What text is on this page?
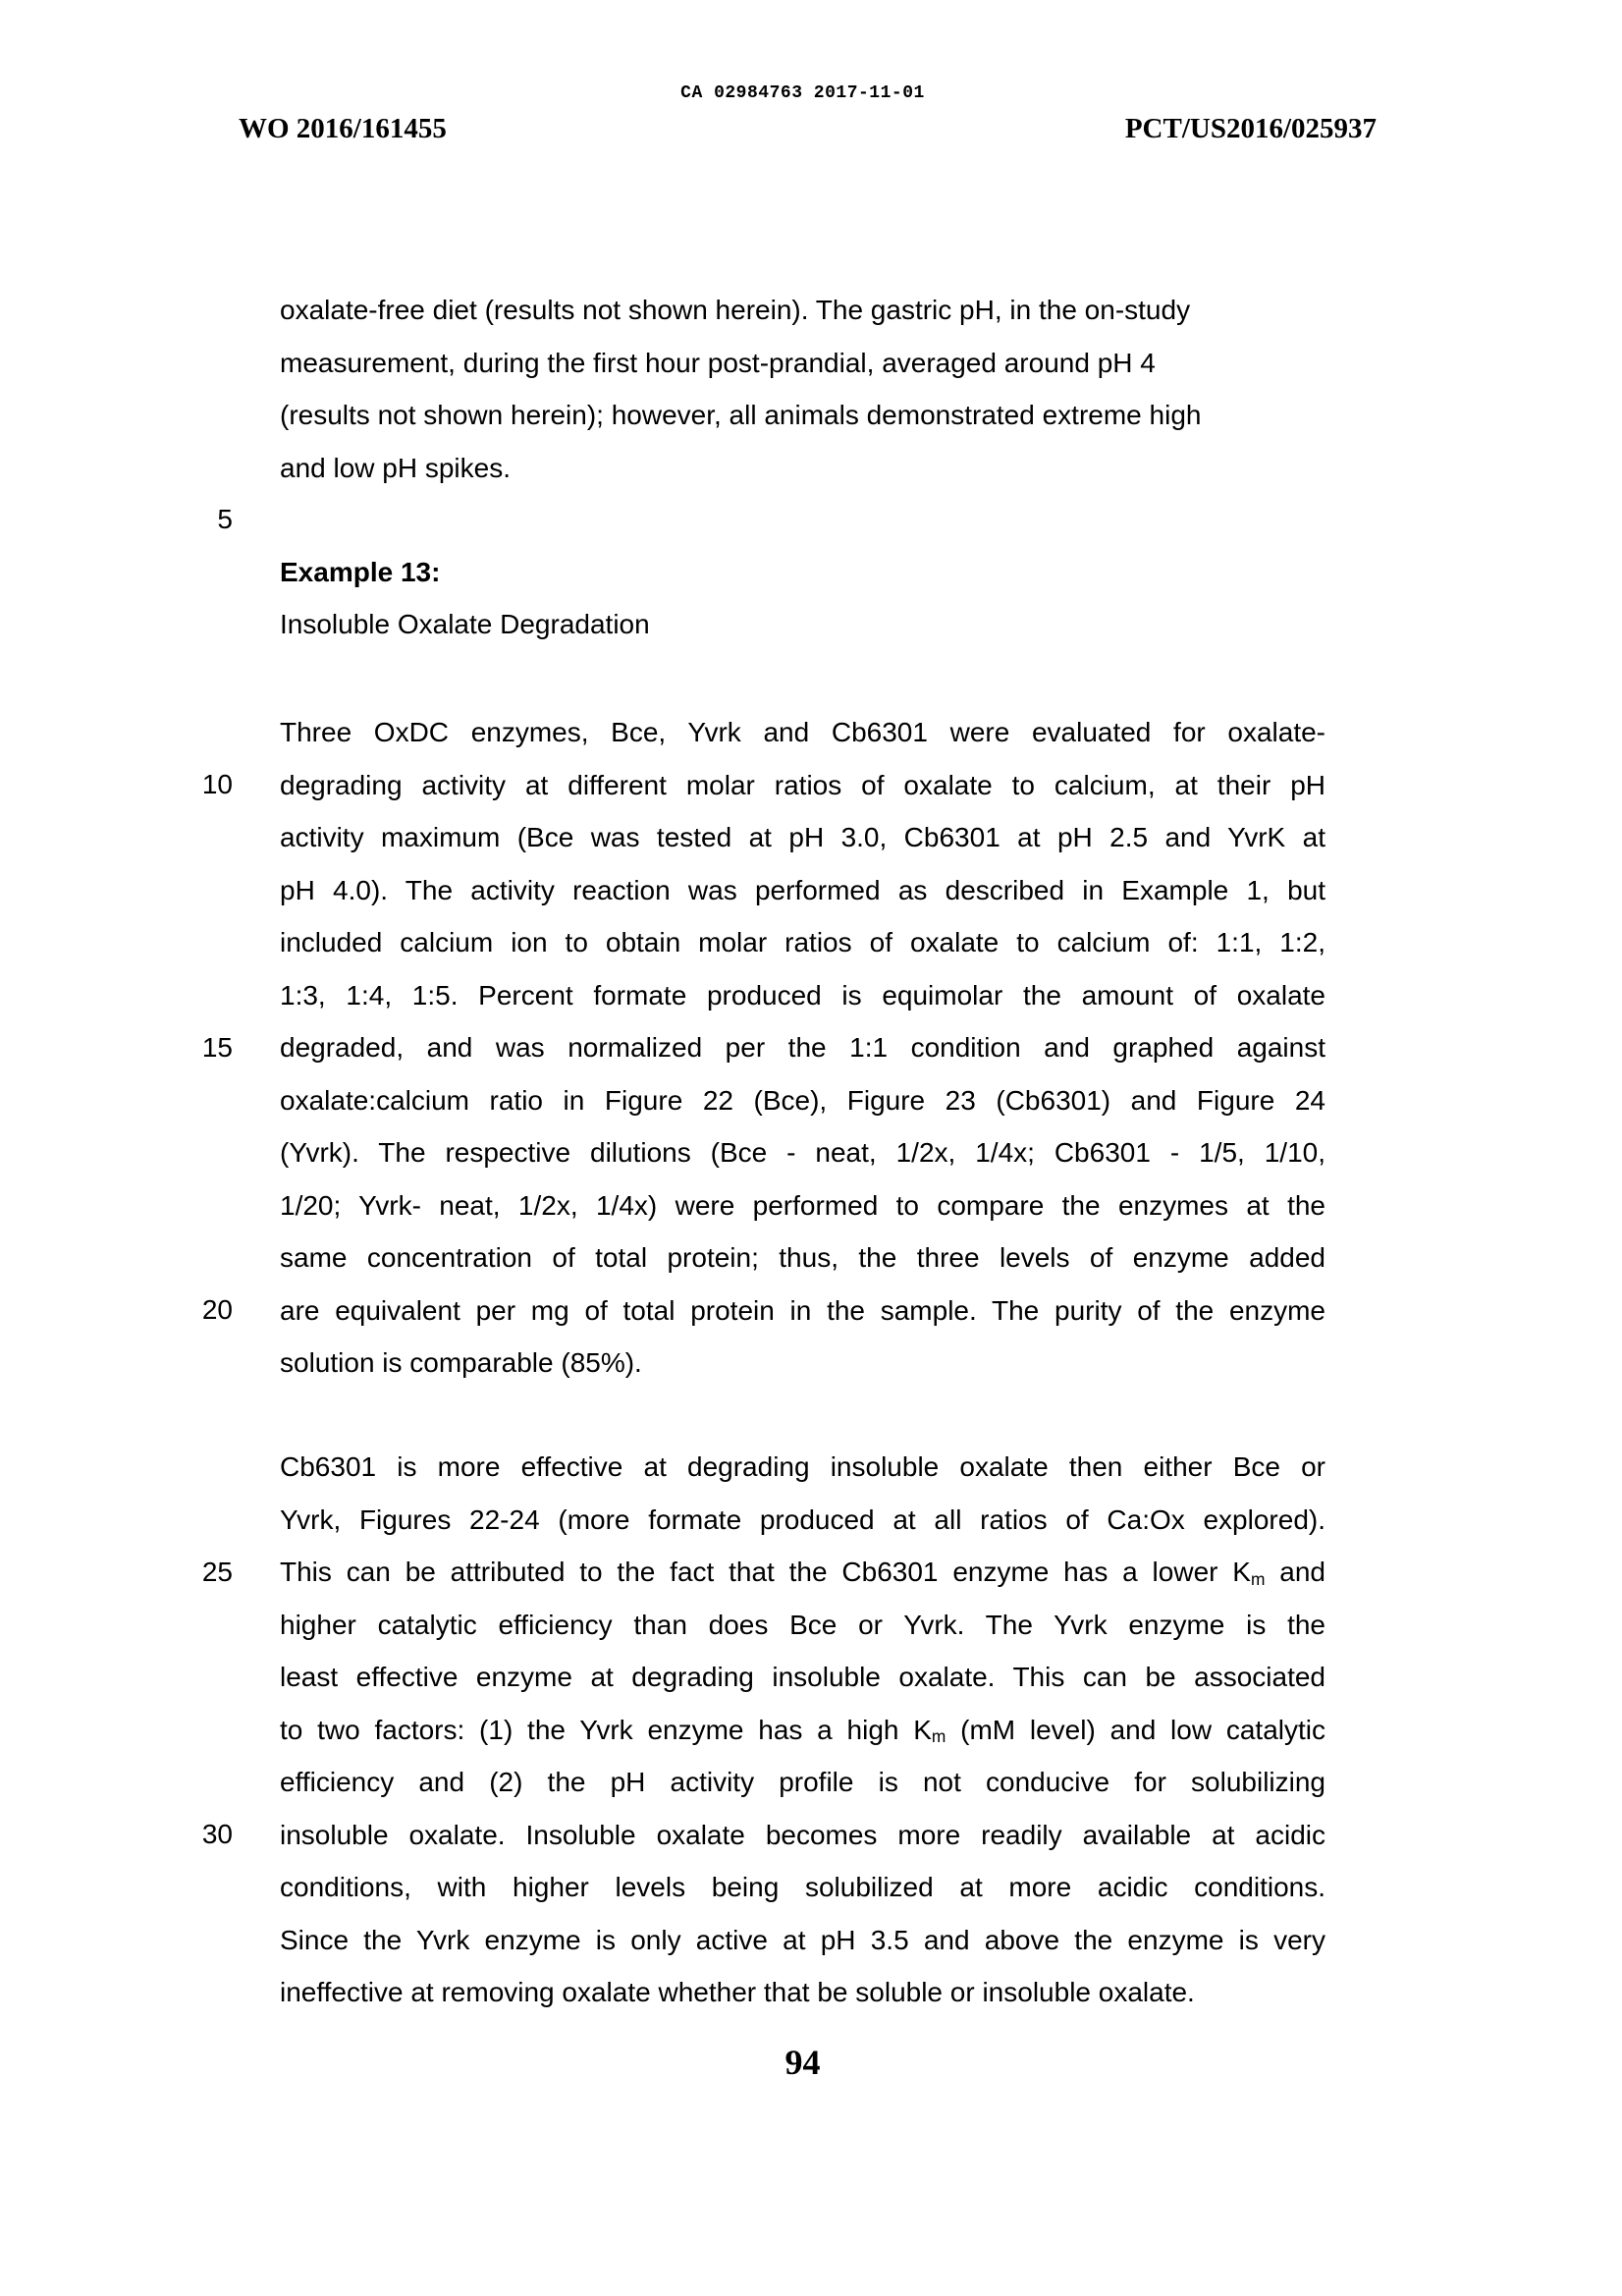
CA 02984763 2017-11-01
WO 2016/161455	PCT/US2016/025937
5
10
15
20
25
30
oxalate-free diet (results not shown herein). The gastric pH, in the on-study
measurement, during the first hour post-prandial, averaged around pH 4
(results not shown herein); however, all animals demonstrated extreme high
and low pH spikes.
Example 13:
Insoluble Oxalate Degradation
Three OxDC enzymes, Bce, Yvrk and Cb6301 were evaluated for oxalate-
degrading activity at different molar ratios of oxalate to calcium, at their pH
activity maximum (Bce was tested at pH 3.0, Cb6301 at pH 2.5 and YvrK at
pH 4.0). The activity reaction was performed as described in Example 1, but
included calcium ion to obtain molar ratios of oxalate to calcium of: 1:1, 1:2,
1:3, 1:4, 1:5. Percent formate produced is equimolar the amount of oxalate
degraded, and was normalized per the 1:1 condition and graphed against
oxalate:calcium ratio in Figure 22 (Bce), Figure 23 (Cb6301) and Figure 24
(Yvrk). The respective dilutions (Bce - neat, 1/2x, 1/4x; Cb6301 - 1/5, 1/10,
1/20; Yvrk- neat, 1/2x, 1/4x) were performed to compare the enzymes at the
same concentration of total protein; thus, the three levels of enzyme added
are equivalent per mg of total protein in the sample. The purity of the enzyme
solution is comparable (85%).
Cb6301 is more effective at degrading insoluble oxalate then either Bce or
Yvrk, Figures 22-24 (more formate produced at all ratios of Ca:Ox explored).
This can be attributed to the fact that the Cb6301 enzyme has a lower $K_m$ and
higher catalytic efficiency than does Bce or Yvrk. The Yvrk enzyme is the
least effective enzyme at degrading insoluble oxalate. This can be associated
to two factors: (1) the Yvrk enzyme has a high $K_m$ (mM level) and low catalytic
efficiency and (2) the pH activity profile is not conducive for solubilizing
insoluble oxalate. Insoluble oxalate becomes more readily available at acidic
conditions, with higher levels being solubilized at more acidic conditions.
Since the Yvrk enzyme is only active at pH 3.5 and above the enzyme is very
ineffective at removing oxalate whether that be soluble or insoluble oxalate.
94
